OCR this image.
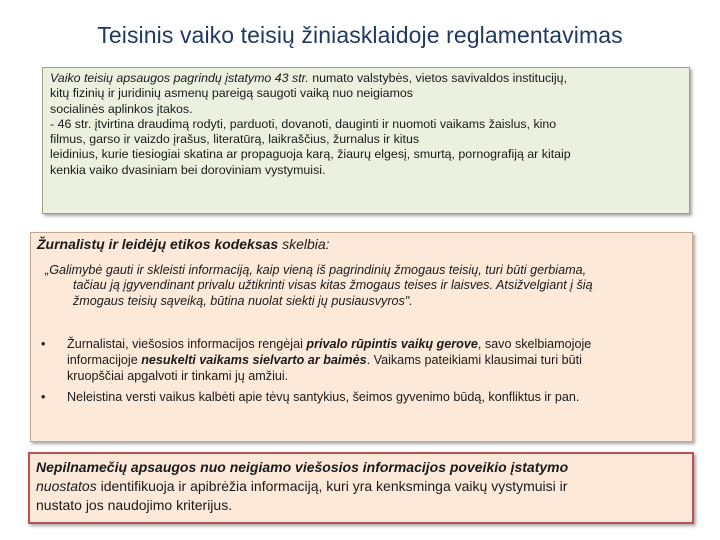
Teisinis vaiko teisių žiniasklaidoje reglamentavimas
Vaiko teisių apsaugos pagrindų įstatymo 43 str. numato valstybės, vietos savivaldos institucijų,
kitų fizinių ir juridinių asmenų pareigą saugoti vaiką nuo neigiamos
socialinės aplinkos įtakos.
- 46 str. įtvirtina draudimą rodyti, parduoti, dovanoti, dauginti ir nuomoti vaikams žaislus, kino
filmus, garso ir vaizdo įrašus, literatūrą, laikraščius, žurnalus ir kitus
leidinius, kurie tiesiogiai skatina ar propaguoja karą, žiaurų elgesį, smurtą, pornografiją ar kitaip
kenkia vaiko dvasiniam bei doroviniam vystymuisi.
Žurnalistų ir leidėjų etikos kodeksas skelbia:
„Galimybė gauti ir skleisti informaciją, kaip vieną iš pagrindinių žmogaus teisių, turi būti gerbiama,
tačiau ją įgyvendinant privalu užtikrinti visas kitas žmogaus teises ir laisves. Atsižvelgiant į šią
žmogaus teisių sąveiką, būtina nuolat siekti jų pusiausvyros".
• Žurnalistai, viešosios informacijos rengėjai privalo rūpintis vaikų gerove, savo skelbiamojoje
informacijoje nesukelti vaikams sielvarto ar baimės. Vaikams pateikiami klausimai turi būti
kruopščiai apgalvoti ir tinkami jų amžiui.
• Neleistina versti vaikus kalbėti apie tėvų santykius, šeimos gyvenimo būdą, konfliktus ir pan.
Nepilnamečių apsaugos nuo neigiamo viešosios informacijos poveikio įstatymo
nuostatos identifikuoja ir apibrėžia informaciją, kuri yra kenksminga vaikų vystymuisi ir
nustato jos naudojimo kriterijus.
